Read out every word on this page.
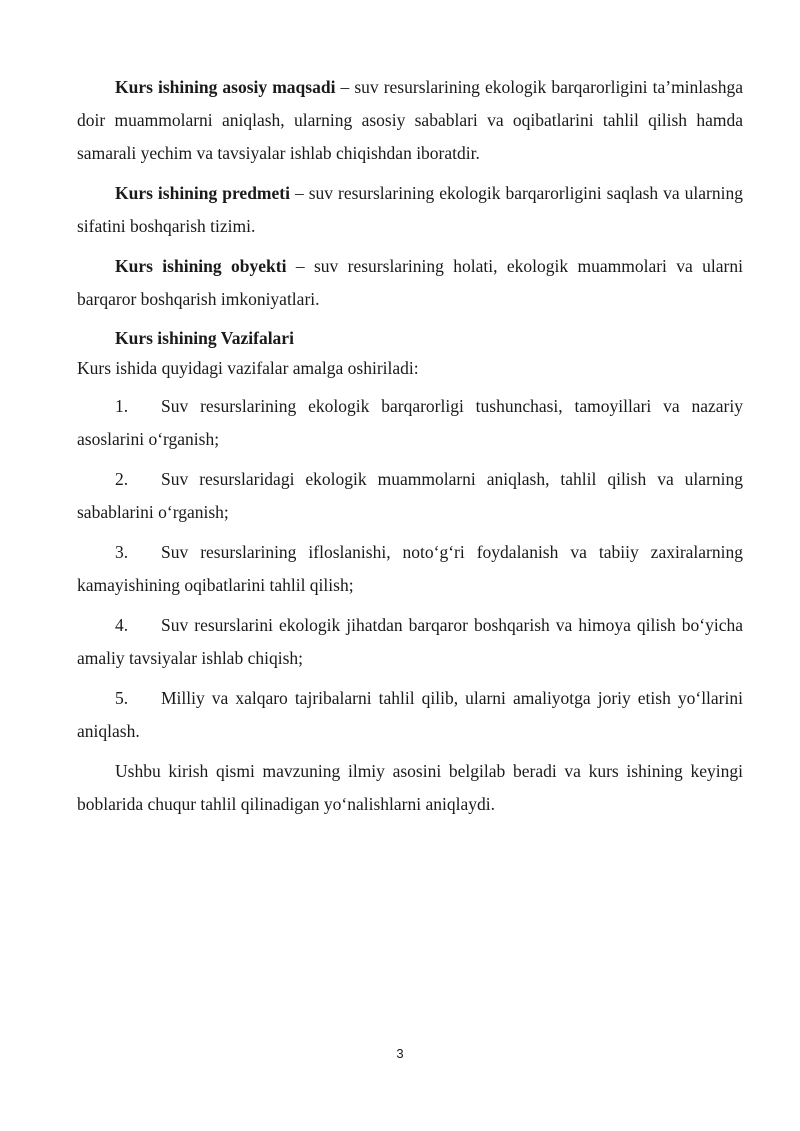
Kurs ishining asosiy maqsadi – suv resurslarining ekologik barqarorligini ta’minlashga doir muammolarni aniqlash, ularning asosiy sabablari va oqibatlarini tahlil qilish hamda samarali yechim va tavsiyalar ishlab chiqishdan iboratdir.

Kurs ishining predmeti – suv resurslarining ekologik barqarorligini saqlash va ularning sifatini boshqarish tizimi.

Kurs ishining obyekti – suv resurslarining holati, ekologik muammolari va ularni barqaror boshqarish imkoniyatlari.

Kurs ishining Vazifalari

Kurs ishida quyidagi vazifalar amalga oshiriladi:

1. Suv resurslarining ekologik barqarorligi tushunchasi, tamoyillari va nazariy asoslarini o‘rganish;

2. Suv resurslaridagi ekologik muammolarni aniqlash, tahlil qilish va ularning sabablarini o‘rganish;

3. Suv resurslarining ifloslanishi, noto‘g‘ri foydalanish va tabiiy zaxiralarning kamayishining oqibatlarini tahlil qilish;

4. Suv resurslarini ekologik jihatdan barqaror boshqarish va himoya qilish bo‘yicha amaliy tavsiyalar ishlab chiqish;

5. Milliy va xalqaro tajribalarni tahlil qilib, ularni amaliyotga joriy etish yo‘llarini aniqlash.

Ushbu kirish qismi mavzuning ilmiy asosini belgilab beradi va kurs ishining keyingi boblarida chuqur tahlil qilinadigan yo‘nalishlarni aniqlaydi.

3
